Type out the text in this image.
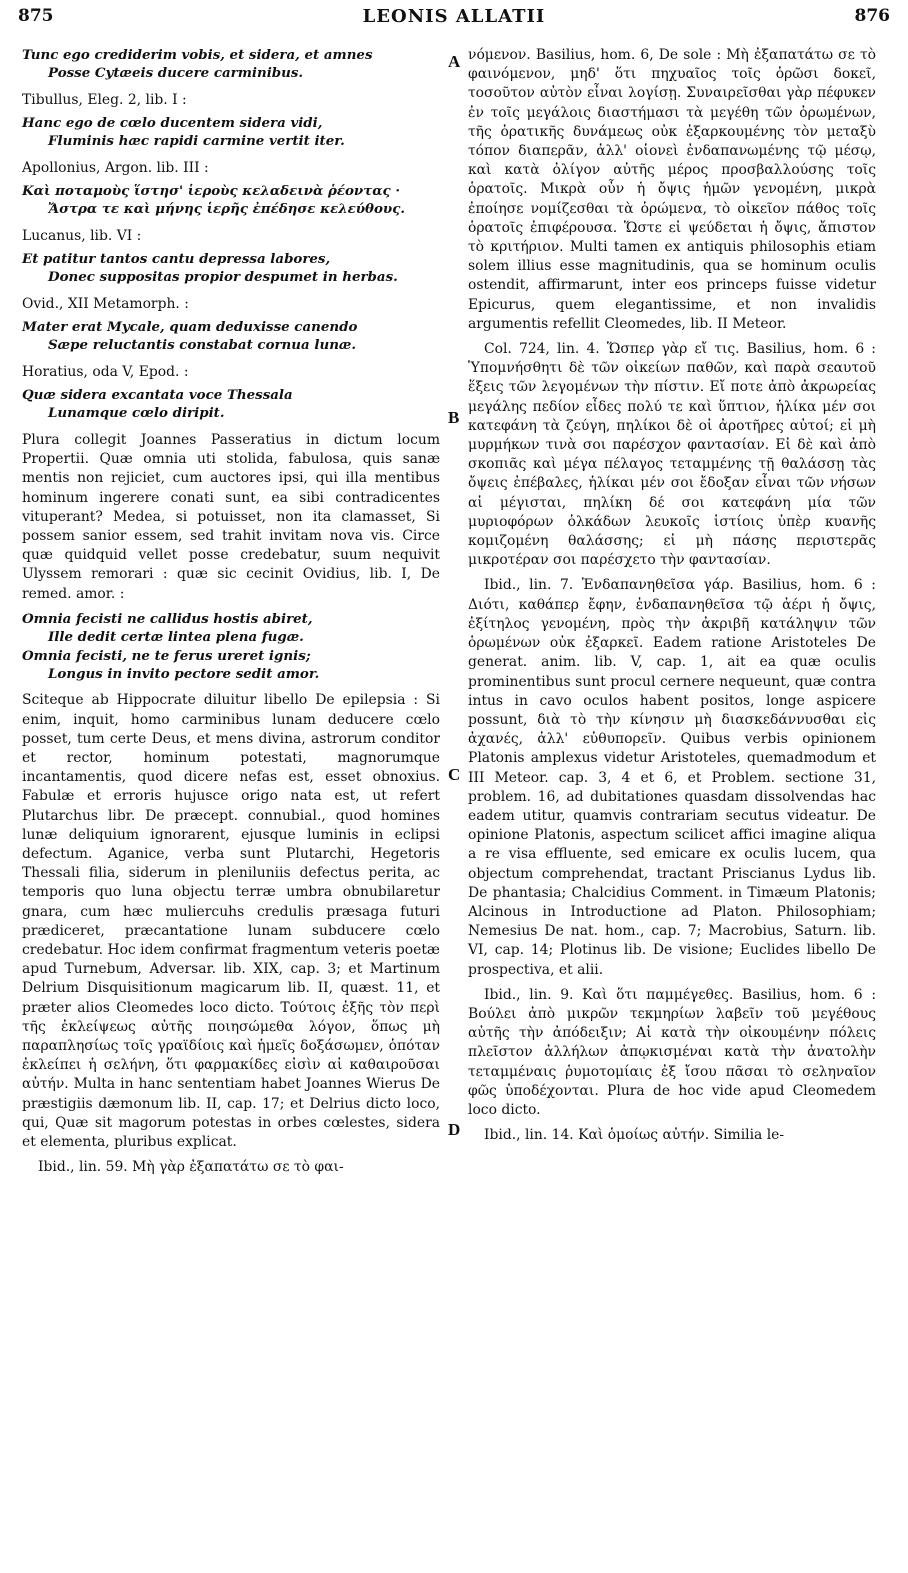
875	LEONIS ALLATII	876
A
B
C
D
Tunc ego crediderim vobis, et sidera, et amnes
Posse Cytæeis ducere carminibus.

Tibullus, Eleg. 2, lib. I :

Hanc ego de cœlo ducentem sidera vidi,
Fluminis hæc rapidi carmine vertit iter.

Apollonius, Argon. lib. III :

Καὶ ποταμοὺς ἵστησ' ἱεροὺς κελαδεινὰ ῥέοντας ·
Ἄστρα τε καὶ μήνης ἱερῆς ἐπέδησε κελεύθους.

Lucanus, lib. VI :

Et patitur tantos cantu depressa labores,
Donec suppositas propior despumet in herbas.

Ovid., XII Metamorph. :

Mater erat Mycale, quam deduxisse canendo
Sæpe reluctantis constabat cornua lunæ.

Horatius, oda V, Epod. :

Quæ sidera excantata voce Thessala
Lunamque cœlo diripit.

Plura collegit Joannes Passeratius in dictum locum Propertii. Quæ omnia uti stolida, fabulosa, quis sanæ mentis non rejiciet, cum auctores ipsi, qui illa mentibus hominum ingerere conati sunt, ea sibi contradicentes vituperant? Medea, si potuisset, non ita clamasset, Si possem sanior essem, sed trahit invitam nova vis. Circe quæ quidquid vellet posse credebatur, suum nequivit Ulyssem remorari : quæ sic cecinit Ovidius, lib. I, De remed. amor. :

Omnia fecisti ne callidus hostis abiret,
Ille dedit certæ lintea plena fugæ.
Omnia fecisti, ne te ferus ureret ignis;
Longus in invito pectore sedit amor.

Sciteque ab Hippocrate diluitur libello De epilepsia : Si enim, inquit, homo carminibus lunam deducere cœlo posset, tum certe Deus, et mens divina, astrorum conditor et rector, hominum potestati, magnorumque incantamentis, quod dicere nefas est, esset obnoxius. Fabulæ et erroris hujusce origo nata est, ut refert Plutarchus libr. De præcept. connubial., quod homines lunæ deliquium ignorarent, ejusque luminis in eclipsi defectum. Aganice, verba sunt Plutarchi, Hegetoris Thessali filia, siderum in pleniluniis defectus perita, ac temporis quo luna objectu terræ umbra obnubilaretur gnara, cum hæc muliercuhs credulis præsaga futuri prædiceret, præcantatione lunam subducere cœlo credebatur. Hoc idem confirmat fragmentum veteris poetæ apud Turnebum, Adversar. lib. XIX, cap. 3; et Martinum Delrium Disquisitionum magicarum lib. II, quæst. 11, et præter alios Cleomedes loco dicto. Τούτοις ἐξῆς τὸν περὶ τῆς ἐκλείψεως αὐτῆς ποιησώμεθα λόγον, ὅπως μὴ παραπλησίως τοῖς γραϊδίοις καὶ ἡμεῖς δοξάσωμεν, ὁπόταν ἐκλείπει ἡ σελήνη, ὅτι φαρμακίδες εἰσὶν αἱ καθαιροῦσαι αὐτήν. Multa in hanc sententiam habet Joannes Wierus De præstigiis dæmonum lib. II, cap. 17; et Delrius dicto loco, qui, Quæ sit magorum potestas in orbes cœlestes, sidera et elementa, pluribus explicat.

Ibid., lin. 59. Μὴ γὰρ ἐξαπατάτω σε τὸ φαι-

νόμενον. Basilius, hom. 6, De sole : Μὴ ἐξαπατάτω σε τὸ φαινόμενον, μηδ' ὅτι πηχυαῖος τοῖς ὁρῶσι δοκεῖ, τοσοῦτον αὐτὸν εἶναι λογίσῃ. Συναιρεῖσθαι γὰρ πέφυκεν ἐν τοῖς μεγάλοις διαστήμασι τὰ μεγέθη τῶν ὁρωμένων, τῆς ὁρατικῆς δυνάμεως οὐκ ἐξαρκουμένης τὸν μεταξὺ τόπον διαπερᾶν, ἀλλ' οἱονεὶ ἐνδαπανωμένης τῷ μέσῳ, καὶ κατὰ ὀλίγον αὐτῆς μέρος προσβαλλούσης τοῖς ὁρατοῖς. Μικρὰ οὖν ἡ ὄψις ἡμῶν γενομένη, μικρὰ ἐποίησε νομίζεσθαι τὰ ὁρώμενα, τὸ οἰκεῖον πάθος τοῖς ὁρατοῖς ἐπιφέρουσα. Ὥστε εἰ ψεύδεται ἡ ὄψις, ἄπιστον τὸ κριτήριον. Multi tamen ex antiquis philosophis etiam solem illius esse magnitudinis, qua se hominum oculis ostendit, affirmarunt, inter eos princeps fuisse videtur Epicurus, quem elegantissime, et non invalidis argumentis refellit Cleomedes, lib. II Meteor.

Col. 724, lin. 4. Ὥσπερ γὰρ εἴ τις. Basilius, hom. 6 : Ὑπομνήσθητι δὲ τῶν οἰκείων παθῶν, καὶ παρὰ σεαυτοῦ ἕξεις τῶν λεγομένων τὴν πίστιν. Εἴ ποτε ἀπὸ ἀκρωρείας μεγάλης πεδίον εἶδες πολύ τε καὶ ὕπτιον, ἡλίκα μέν σοι κατεφάνη τὰ ζεύγη, πηλίκοι δὲ οἱ ἀροτῆρες αὐτοί; εἰ μὴ μυρμήκων τινὰ σοι παρέσχον φαντασίαν. Εἰ δὲ καὶ ἀπὸ σκοπιᾶς καὶ μέγα πέλαγος τεταμμένης τῇ θαλάσσῃ τὰς ὄψεις ἐπέβαλες, ἡλίκαι μέν σοι ἔδοξαν εἶναι τῶν νήσων αἱ μέγισται, πηλίκη δέ σοι κατεφάνη μία τῶν μυριοφόρων ὁλκάδων λευκοῖς ἱστίοις ὑπὲρ κυανῆς κομιζομένη θαλάσσης; εἰ μὴ πάσης περιστερᾶς μικροτέραν σοι παρέσχετο τὴν φαντασίαν.

Ibid., lin. 7. Ἐνδαπανηθεῖσα γάρ. Basilius, hom. 6 : Διότι, καθάπερ ἔφην, ἐνδαπανηθεῖσα τῷ ἀέρι ἡ ὄψις, ἐξίτηλος γενομένη, πρὸς τὴν ἀκριβῆ κατάληψιν τῶν ὁρωμένων οὐκ ἐξαρκεῖ. Eadem ratione Aristoteles De generat. anim. lib. V, cap. 1, ait ea quæ oculis prominentibus sunt procul cernere nequeunt, quæ contra intus in cavo oculos habent positos, longe aspicere possunt, διὰ τὸ τὴν κίνησιν μὴ διασκεδάννυσθαι εἰς ἀχανές, ἀλλ' εὐθυπορεῖν. Quibus verbis opinionem Platonis amplexus videtur Aristoteles, quemadmodum et III Meteor. cap. 3, 4 et 6, et Problem. sectione 31, problem. 16, ad dubitationes quasdam dissolvendas hac eadem utitur, quamvis contrariam secutus videatur. De opinione Platonis, aspectum scilicet affici imagine aliqua a re visa effluente, sed emicare ex oculis lucem, qua objectum comprehendat, tractant Priscianus Lydus lib. De phantasia; Chalcidius Comment. in Timæum Platonis; Alcinous in Introductione ad Platon. Philosophiam; Nemesius De nat. hom., cap. 7; Macrobius, Saturn. lib. VI, cap. 14; Plotinus lib. De visione; Euclides libello De prospectiva, et alii.

Ibid., lin. 9. Καὶ ὅτι παμμέγεθες. Basilius, hom. 6 : Βούλει ἀπὸ μικρῶν τεκμηρίων λαβεῖν τοῦ μεγέθους αὐτῆς τὴν ἀπόδειξιν; Αἱ κατὰ τὴν οἰκουμένην πόλεις πλεῖστον ἀλλήλων ἀπῳκισμέναι κατὰ τὴν ἀνατολὴν τεταμμέναις ῥυμοτομίαις ἐξ ἴσου πᾶσαι τὸ σεληναῖον φῶς ὑποδέχονται. Plura de hoc vide apud Cleomedem loco dicto.

Ibid., lin. 14. Καὶ ὁμοίως αὐτήν. Similia le-
